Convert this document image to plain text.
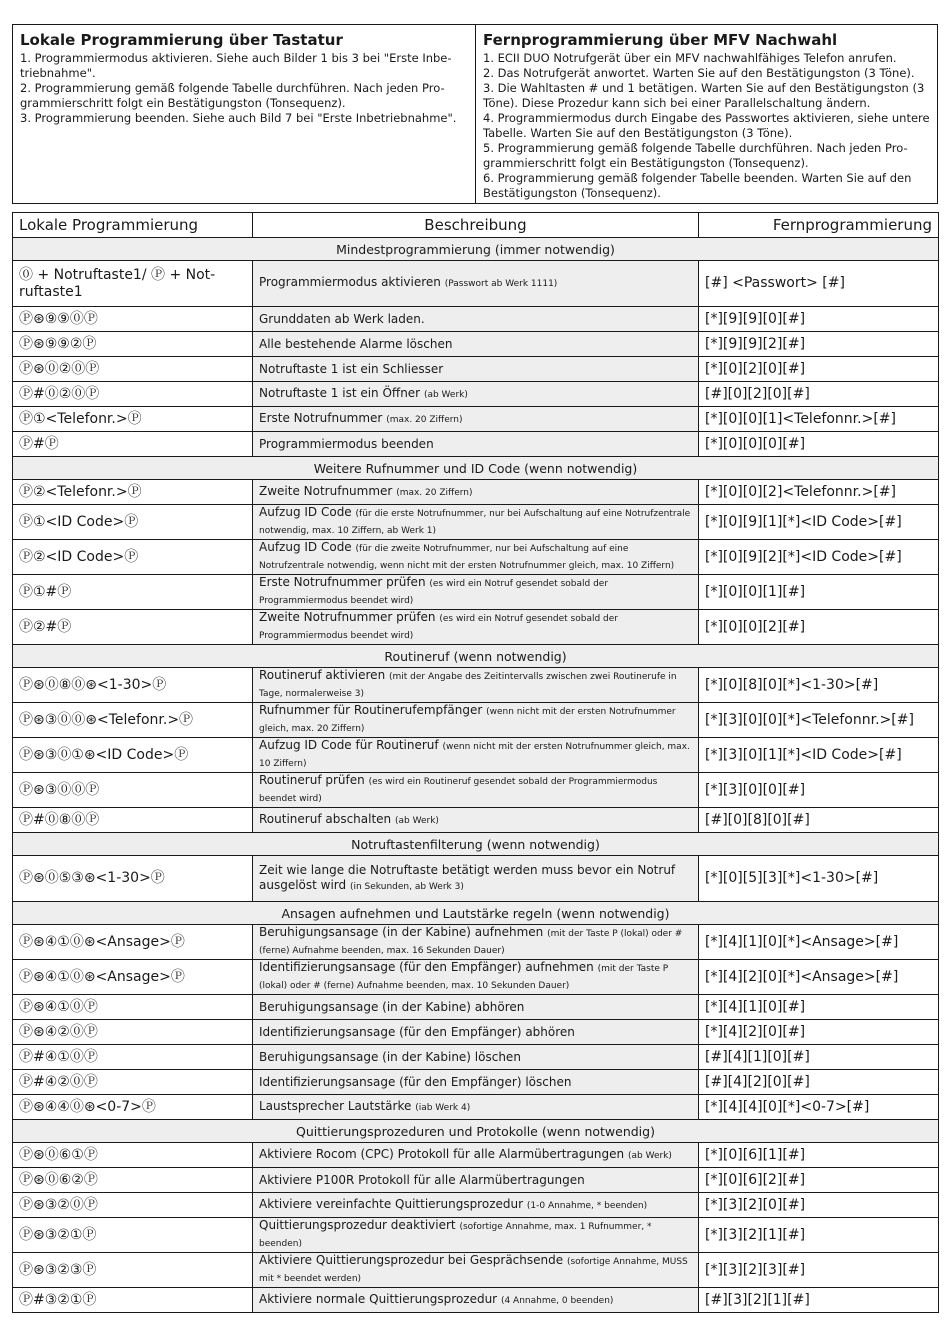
Lokale Programmierung über Tastatur

1. Programmiermodus aktivieren. Siehe auch Bilder 1 bis 3 bei "Erste Inbe-

triebnahme".

2. Programmierung gemäß folgende Tabelle durchführen. Nach jeden Pro-

grammierschritt folgt ein Bestätigungston (Tonsequenz).

3. Programmierung beenden. Siehe auch Bild 7 bei "Erste Inbetriebnahme".

Fernprogrammierung über MFV Nachwahl

1. ECII DUO Notrufgerät über ein MFV nachwahlfähiges Telefon anrufen.

2. Das Notrufgerät anwortet. Warten Sie auf den Bestätigungston (3 Töne).

3. Die Wahltasten # und 1 betätigen. Warten Sie auf den Bestätigungston (3

Töne). Diese Prozedur kann sich bei einer Parallelschaltung ändern.

4. Programmiermodus durch Eingabe des Passwortes aktivieren, siehe untere

Tabelle. Warten Sie auf den Bestätigungston (3 Töne).

5. Programmierung gemäß folgende Tabelle durchführen. Nach jeden Pro-

grammierschritt folgt ein Bestätigungston (Tonsequenz).

6. Programmierung gemäß folgender Tabelle beenden. Warten Sie auf den

Bestätigungston (Tonsequenz).

Lokale Programmierung	Beschreibung	Fernprogrammierung
Mindestprogrammierung (immer notwendig)		
⓪ + Notruftaste1/ Ⓟ + Not-ruftaste1	Programmiermodus aktivieren (Passwort ab Werk 1111)	[#] <Passwort> [#]
Ⓟ⊛⑨⑨⓪Ⓟ	Grunddaten ab Werk laden.	[*][9][9][0][#]
Ⓟ⊛⑨⑨②Ⓟ	Alle bestehende Alarme löschen	[*][9][9][2][#]
Ⓟ⊛⓪②⓪Ⓟ	Notruftaste 1 ist ein Schliesser	[*][0][2][0][#]
Ⓟ#⓪②⓪Ⓟ	Notruftaste 1 ist ein Öffner (ab Werk)	[#][0][2][0][#]
Ⓟ①<Telefonr.>Ⓟ	Erste Notrufnummer (max. 20 Ziffern)	[*][0][0][1]<Telefonnr.>[#]
Ⓟ#Ⓟ	Programmiermodus beenden	[*][0][0][0][#]
Weitere Rufnummer und ID Code (wenn notwendig)		
Ⓟ②<Telefonr.>Ⓟ	Zweite Notrufnummer (max. 20 Ziffern)	[*][0][0][2]<Telefonnr.>[#]
Ⓟ①<ID Code>Ⓟ	Aufzug ID Code (für die erste Notrufnummer, nur bei Aufschaltung auf eine Notrufzentrale notwendig, max. 10 Ziffern, ab Werk 1)	[*][0][9][1][*]<ID Code>[#]
Ⓟ②<ID Code>Ⓟ	Aufzug ID Code (für die zweite Notrufnummer, nur bei Aufschaltung auf eine Notrufzentrale notwendig, wenn nicht mit der ersten Notrufnummer gleich, max. 10 Ziffern)	[*][0][9][2][*]<ID Code>[#]
Ⓟ①#Ⓟ	Erste Notrufnummer prüfen (es wird ein Notruf gesendet sobald der Programmiermodus beendet wird)	[*][0][0][1][#]
Ⓟ②#Ⓟ	Zweite Notrufnummer prüfen (es wird ein Notruf gesendet sobald der Programmiermodus beendet wird)	[*][0][0][2][#]
Routineruf (wenn notwendig)		
Ⓟ⊛⓪⑧⓪⊛<1-30>Ⓟ	Routineruf aktivieren (mit der Angabe des Zeitintervalls zwischen zwei Routinerufe in Tage, normalerweise 3)	[*][0][8][0][*]<1-30>[#]
Ⓟ⊛③⓪⓪⊛<Telefonr.>Ⓟ	Rufnummer für Routinerufempfänger (wenn nicht mit der ersten Notrufnummer gleich, max. 20 Ziffern)	[*][3][0][0][*]<Telefonnr.>[#]
Ⓟ⊛③⓪①⊛<ID Code>Ⓟ	Aufzug ID Code für Routineruf (wenn nicht mit der ersten Notrufnummer gleich, max. 10 Ziffern)	[*][3][0][1][*]<ID Code>[#]
Ⓟ⊛③⓪⓪Ⓟ	Routineruf prüfen (es wird ein Routineruf gesendet sobald der Programmiermodus beendet wird)	[*][3][0][0][#]
Ⓟ#⓪⑧⓪Ⓟ	Routineruf abschalten (ab Werk)	[#][0][8][0][#]
Notruftastenfilterung (wenn notwendig)		
Ⓟ⊛⓪⑤③⊛<1-30>Ⓟ	Zeit wie lange die Notruftaste betätigt werden muss bevor ein Notruf ausgelöst wird (in Sekunden, ab Werk 3)	[*][0][5][3][*]<1-30>[#]
Ansagen aufnehmen und Lautstärke regeln (wenn notwendig)		
Ⓟ⊛④①⓪⊛<Ansage>Ⓟ	Beruhigungsansage (in der Kabine) aufnehmen (mit der Taste P (lokal) oder # (ferne) Aufnahme beenden, max. 16 Sekunden Dauer)	[*][4][1][0][*]<Ansage>[#]
Ⓟ⊛④①⓪⊛<Ansage>Ⓟ	Identifizierungsansage (für den Empfänger) aufnehmen (mit der Taste P (lokal) oder # (ferne) Aufnahme beenden, max. 10 Sekunden Dauer)	[*][4][2][0][*]<Ansage>[#]
Ⓟ⊛④①⓪Ⓟ	Beruhigungsansage (in der Kabine) abhören	[*][4][1][0][#]
Ⓟ⊛④②⓪Ⓟ	Identifizierungsansage (für den Empfänger) abhören	[*][4][2][0][#]
Ⓟ#④①⓪Ⓟ	Beruhigungsansage (in der Kabine) löschen	[#][4][1][0][#]
Ⓟ#④②⓪Ⓟ	Identifizierungsansage (für den Empfänger) löschen	[#][4][2][0][#]
Ⓟ⊛④④⓪⊛<0-7>Ⓟ	Laustsprecher Lautstärke (iab Werk 4)	[*][4][4][0][*]<0-7>[#]
Quittierungsprozeduren und Protokolle (wenn notwendig)		
Ⓟ⊛⓪⑥①Ⓟ	Aktiviere Rocom (CPC) Protokoll für alle Alarmübertragungen (ab Werk)	[*][0][6][1][#]
Ⓟ⊛⓪⑥②Ⓟ	Aktiviere P100R Protokoll für alle Alarmübertragungen	[*][0][6][2][#]
Ⓟ⊛③②⓪Ⓟ	Aktiviere vereinfachte Quittierungsprozedur (1-0 Annahme, * beenden)	[*][3][2][0][#]
Ⓟ⊛③②①Ⓟ	Quittierungsprozedur deaktiviert (sofortige Annahme, max. 1 Rufnummer, * beenden)	[*][3][2][1][#]
Ⓟ⊛③②③Ⓟ	Aktiviere Quittierungsprozedur bei Gesprächsende (sofortige Annahme, MUSS mit * beendet werden)	[*][3][2][3][#]
Ⓟ#③②①Ⓟ	Aktiviere normale Quittierungsprozedur (4 Annahme, 0 beenden)	[#][3][2][1][#]
